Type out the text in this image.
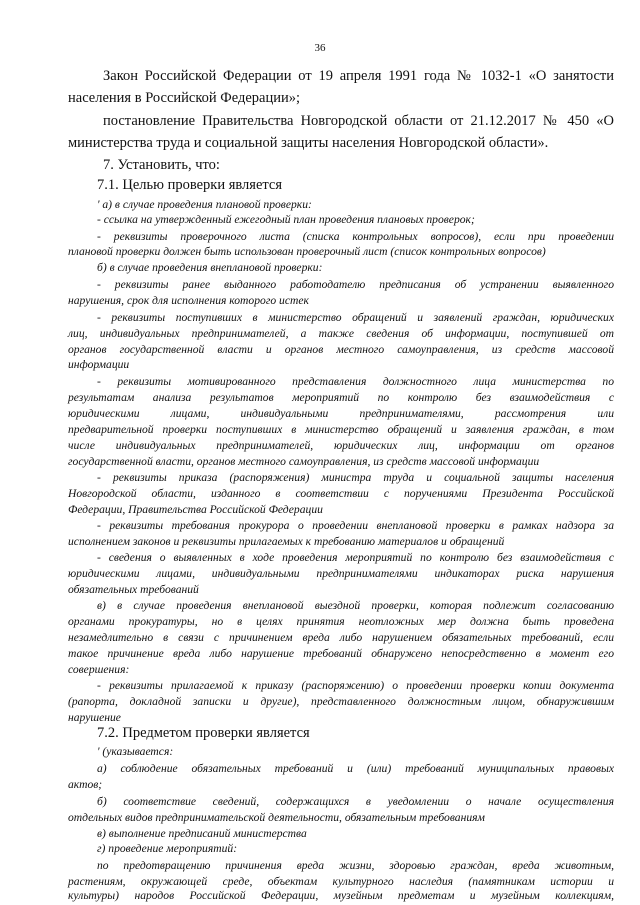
36
Закон Российской Федерации от 19 апреля 1991 года № 1032-1 «О занятости
населения в Российской Федерации»;
постановление Правительства Новгородской области от 21.12.2017 № 450 «О
министерства труда и социальной защиты населения Новгородской области».
7. Установить, что:
7.1. Целью проверки является
' а) в случае проведения плановой проверки:
- ссылка на утвержденный ежегодный план проведения плановых проверок;
- реквизиты проверочного листа (списка контрольных вопросов), если при проведении
плановой проверки должен быть использован проверочный лист (список контрольных вопросов)
б) в случае проведения внеплановой проверки:
- реквизиты ранее выданного работодателю предписания об устранении выявленного
нарушения, срок для исполнения которого истек
- реквизиты поступивших в министерство обращений и заявлений граждан, юридических
лиц, индивидуальных предпринимателей, а также сведения об информации, поступившей от
органов государственной власти и органов местного самоуправления, из средств массовой
информации
- реквизиты мотивированного представления должностного лица министерства по
результатам анализа результатов мероприятий по контролю без взаимодействия с
юридическими лицами, индивидуальными предпринимателями, рассмотрения или
предварительной проверки поступивших в министерство обращений и заявления граждан, в том
числе индивидуальных предпринимателей, юридических лиц, информации от органов
государственной власти, органов местного самоуправления, из средств массовой информации
- реквизиты приказа (распоряжения) министра труда и социальной защиты населения
Новгородской области, изданного в соответствии с поручениями Президента Российской
Федерации, Правительства Российской Федерации
- реквизиты требования прокурора о проведении внеплановой проверки в рамках надзора за
исполнением законов и реквизиты прилагаемых к требованию материалов и обращений
- сведения о выявленных в ходе проведения мероприятий по контролю без взаимодействия с
юридическими лицами, индивидуальными предпринимателями индикаторах риска нарушения
обязательных требований
в) в случае проведения внеплановой выездной проверки, которая подлежит согласованию
органами прокуратуры, но в целях принятия неотложных мер должна быть проведена
незамедлительно в связи с причинением вреда либо нарушением обязательных требований, если
такое причинение вреда либо нарушение требований обнаружено непосредственно в момент его
совершения:
- реквизиты прилагаемой к приказу (распоряжению) о проведении проверки копии документа
(рапорта, докладной записки и другие), представленного должностным лицом, обнаружившим
нарушение
7.2. Предметом проверки является
' (указывается:
а) соблюдение обязательных требований и (или) требований муниципальных правовых
актов;
б) соответствие сведений, содержащихся в уведомлении о начале осуществления
отдельных видов предпринимательской деятельности, обязательным требованиям
в) выполнение предписаний министерства
г) проведение мероприятий:
по предотвращению причинения вреда жизни, здоровью граждан, вреда животным,
растениям, окружающей среде, объектам культурного наследия (памятникам истории и
культуры) народов Российской Федерации, музейным предметам и музейным коллекциям,
